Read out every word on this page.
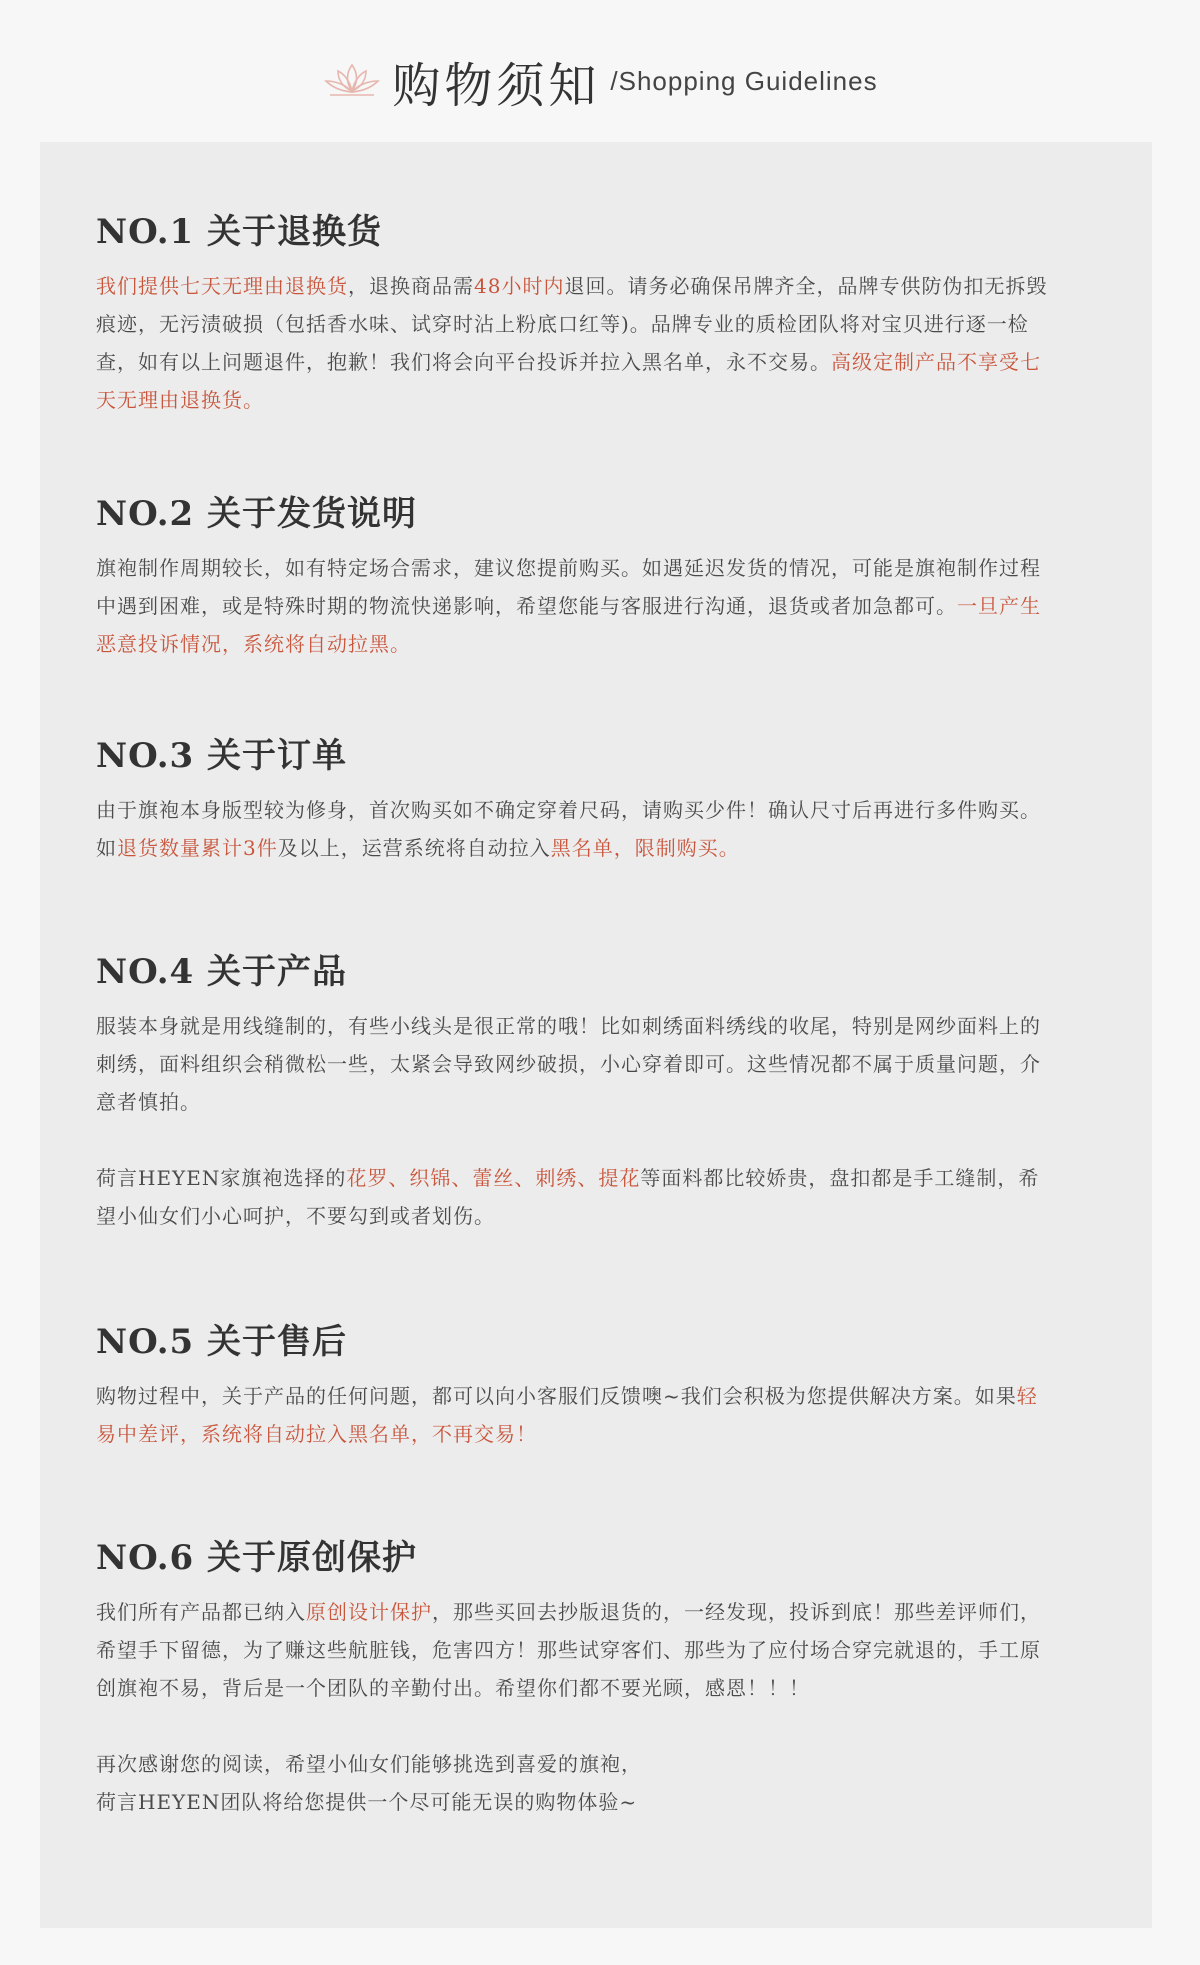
购物须知 /Shopping Guidelines
NO.1 关于退换货

我们提供七天无理由退换货，退换商品需48小时内退回。请务必确保吊牌齐全，品牌专供防伪扣无拆毁痕迹，无污渍破损（包括香水味、试穿时沾上粉底口红等)。品牌专业的质检团队将对宝贝进行逐一检查，如有以上问题退件，抱歉！我们将会向平台投诉并拉入黑名单，永不交易。高级定制产品不享受七天无理由退换货。

NO.2 关于发货说明

旗袍制作周期较长，如有特定场合需求，建议您提前购买。如遇延迟发货的情况，可能是旗袍制作过程中遇到困难，或是特殊时期的物流快递影响，希望您能与客服进行沟通，退货或者加急都可。一旦产生恶意投诉情况，系统将自动拉黑。

NO.3 关于订单

由于旗袍本身版型较为修身，首次购买如不确定穿着尺码，请购买少件！确认尺寸后再进行多件购买。如退货数量累计3件及以上，运营系统将自动拉入黑名单，限制购买。

NO.4 关于产品

服装本身就是用线缝制的，有些小线头是很正常的哦！比如刺绣面料绣线的收尾，特别是网纱面料上的刺绣，面料组织会稍微松一些，太紧会导致网纱破损，小心穿着即可。这些情况都不属于质量问题，介意者慎拍。

荷言HEYEN家旗袍选择的花罗、织锦、蕾丝、刺绣、提花等面料都比较娇贵，盘扣都是手工缝制，希望小仙女们小心呵护，不要勾到或者划伤。

NO.5 关于售后

购物过程中，关于产品的任何问题，都可以向小客服们反馈噢~我们会积极为您提供解决方案。如果轻易中差评，系统将自动拉入黑名单，不再交易！

NO.6 关于原创保护

我们所有产品都已纳入原创设计保护，那些买回去抄版退货的，一经发现，投诉到底！那些差评师们，希望手下留德，为了赚这些航脏钱，危害四方！那些试穿客们、那些为了应付场合穿完就退的，手工原创旗袍不易，背后是一个团队的辛勤付出。希望你们都不要光顾，感恩！！！

再次感谢您的阅读，希望小仙女们能够挑选到喜爱的旗袍，
荷言HEYEN团队将给您提供一个尽可能无误的购物体验~
